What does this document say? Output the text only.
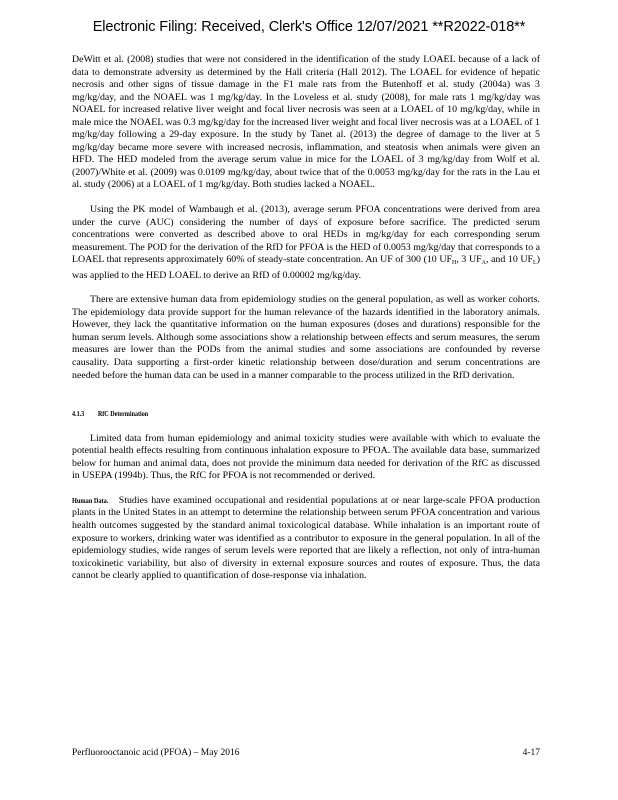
Electronic Filing: Received, Clerk's Office 12/07/2021 **R2022-018**

DeWitt et al. (2008) studies that were not considered in the identification of the study LOAEL because of a lack of data to demonstrate adversity as determined by the Hall criteria (Hall 2012). The LOAEL for evidence of hepatic necrosis and other signs of tissue damage in the F1 male rats from the Butenhoff et al. study (2004a) was 3 mg/kg/day, and the NOAEL was 1 mg/kg/day. In the Loveless et al. study (2008), for male rats 1 mg/kg/day was NOAEL for increased relative liver weight and focal liver necrosis was seen at a LOAEL of 10 mg/kg/day, while in male mice the NOAEL was 0.3 mg/kg/day for the increased liver weight and focal liver necrosis was at a LOAEL of 1 mg/kg/day following a 29-day exposure. In the study by Tanet al. (2013) the degree of damage to the liver at 5 mg/kg/day became more severe with increased necrosis, inflammation, and steatosis when animals were given an HFD. The HED modeled from the average serum value in mice for the LOAEL of 3 mg/kg/day from Wolf et al. (2007)/White et al. (2009) was 0.0109 mg/kg/day, about twice that of the 0.0053 mg/kg/day for the rats in the Lau et al. study (2006) at a LOAEL of 1 mg/kg/day. Both studies lacked a NOAEL.

Using the PK model of Wambaugh et al. (2013), average serum PFOA concentrations were derived from area under the curve (AUC) considering the number of days of exposure before sacrifice. The predicted serum concentrations were converted as described above to oral HEDs in mg/kg/day for each corresponding serum measurement. The POD for the derivation of the RfD for PFOA is the HED of 0.0053 mg/kg/day that corresponds to a LOAEL that represents approximately 60% of steady-state concentration. An UF of 300 (10 $UF_H$, 3 $UF_A$, and 10 $UF_L$) was applied to the HED LOAEL to derive an RfD of 0.00002 mg/kg/day.

There are extensive human data from epidemiology studies on the general population, as well as worker cohorts. The epidemiology data provide support for the human relevance of the hazards identified in the laboratory animals. However, they lack the quantitative information on the human exposures (doses and durations) responsible for the human serum levels. Although some associations show a relationship between effects and serum measures, the serum measures are lower than the PODs from the animal studies and some associations are confounded by reverse causality. Data supporting a first-order kinetic relationship between dose/duration and serum concentrations are needed before the human data can be used in a manner comparable to the process utilized in the RfD derivation.

4.1.3 RfC Determination

Limited data from human epidemiology and animal toxicity studies were available with which to evaluate the potential health effects resulting from continuous inhalation exposure to PFOA. The available data base, summarized below for human and animal data, does not provide the minimum data needed for derivation of the RfC as discussed in USEPA (1994b). Thus, the RfC for PFOA is not recommended or derived.

Human Data. Studies have examined occupational and residential populations at or near large-scale PFOA production plants in the United States in an attempt to determine the relationship between serum PFOA concentration and various health outcomes suggested by the standard animal toxicological database. While inhalation is an important route of exposure to workers, drinking water was identified as a contributor to exposure in the general population. In all of the epidemiology studies, wide ranges of serum levels were reported that are likely a reflection, not only of intra-human toxicokinetic variability, but also of diversity in external exposure sources and routes of exposure. Thus, the data cannot be clearly applied to quantification of dose-response via inhalation.

Perfluorooctanoic acid (PFOA) – May 2016	4-17
